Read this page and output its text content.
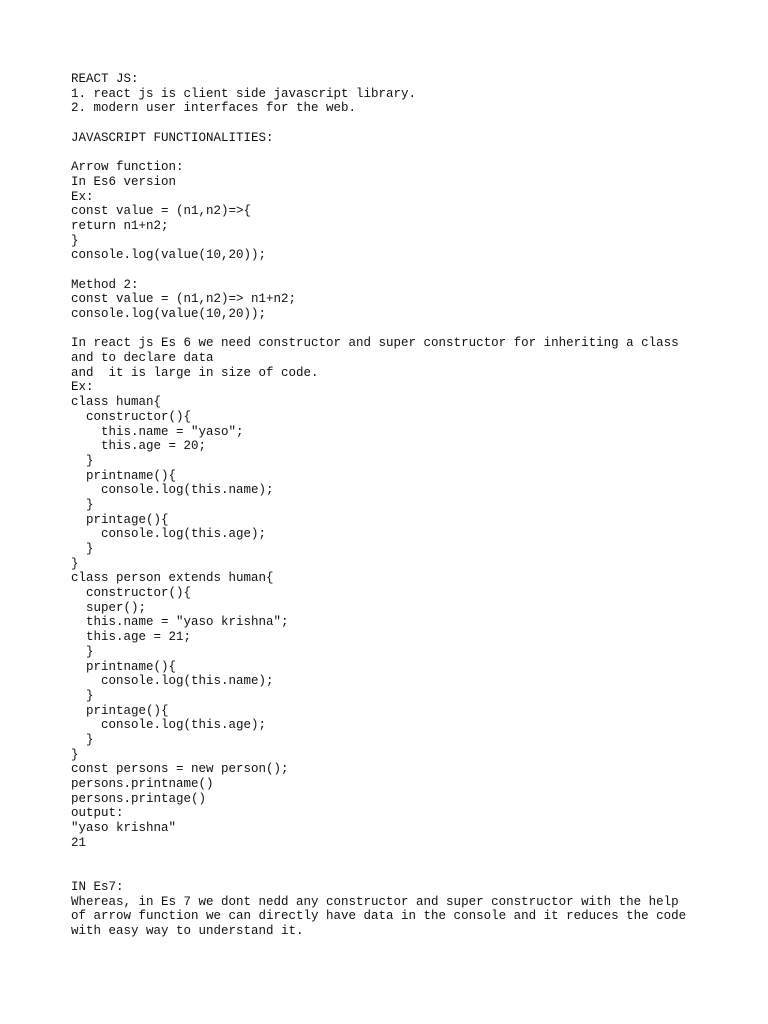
REACT JS:
1. react js is client side javascript library.
2. modern user interfaces for the web.
JAVASCRIPT FUNCTIONALITIES:
Arrow function:
In Es6 version
Ex:
const value = (n1,n2)=>{
return n1+n2;
}
console.log(value(10,20));
Method 2:
const value = (n1,n2)=> n1+n2;
console.log(value(10,20));
In react js Es 6 we need constructor and super constructor for inheriting a class
and to declare data
and  it is large in size of code.
Ex:
class human{
constructor(){
this.name = "yaso";
this.age = 20;
}
printname(){
console.log(this.name);
}
printage(){
console.log(this.age);
}
}
class person extends human{
constructor(){
super();
this.name = "yaso krishna";
this.age = 21;
}
printname(){
console.log(this.name);
}
printage(){
console.log(this.age);
}
}
const persons = new person();
persons.printname()
persons.printage()
output:
"yaso krishna"
21
IN Es7:
Whereas, in Es 7 we dont nedd any constructor and super constructor with the help
of arrow function we can directly have data in the console and it reduces the code
with easy way to understand it.
